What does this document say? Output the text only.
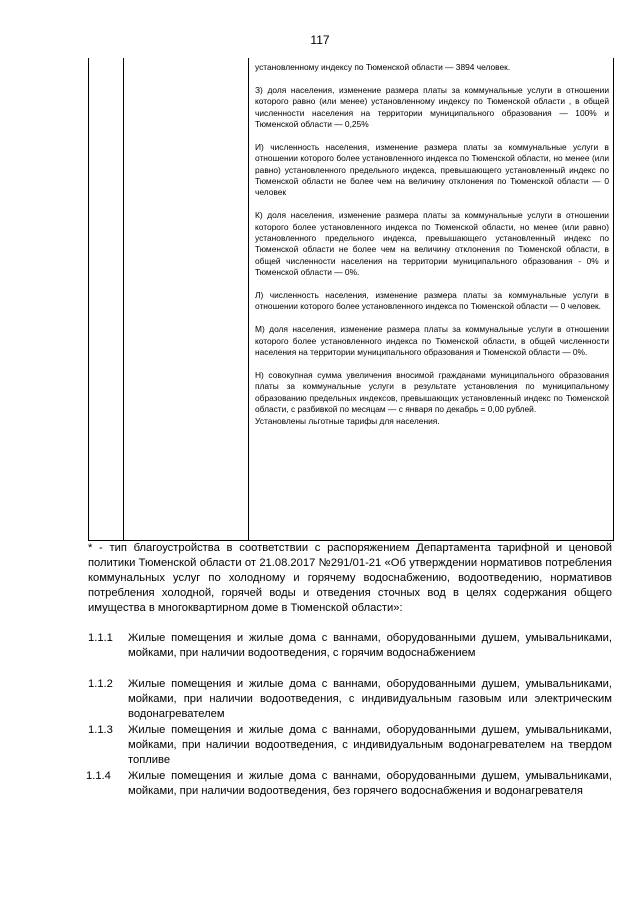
117

установленному индексу по Тюменской области — 3894 человек.

З) доля населения, изменение размера платы за коммунальные услуги в отношении которого равно (или менее) установленному индексу по Тюменской области , в общей численности населения на территории муниципального образования — 100% и Тюменской области — 0,25%

И) численность населения, изменение размера платы за коммунальные услуги в отношении которого более установленного индекса по Тюменской области, но менее (или равно) установленного предельного индекса, превышающего установленный индекс по Тюменской области не более чем на величину отклонения по Тюменской области — 0 человек

К) доля населения, изменение размера платы за коммунальные услуги в отношении которого более установленного индекса по Тюменской области, но менее (или равно) установленного предельного индекса, превышающего установленный индекс по Тюменской области не более чем на величину отклонения по Тюменской области, в общей численности населения на территории муниципального образования - 0% и Тюменской области — 0%.

Л) численность населения, изменение размера платы за коммунальные услуги в отношении которого более установленного индекса по Тюменской области — 0 человек.

М) доля населения, изменение размера платы за коммунальные услуги в отношении которого более установленного индекса по Тюменской области, в общей численности населения на территории муниципального образования и Тюменской области — 0%.

Н) совокупная сумма увеличения вносимой гражданами муниципального образования платы за коммунальные услуги в результате установления по муниципальному образованию предельных индексов, превышающих установленный индекс по Тюменской области, с разбивкой по месяцам — с января по декабрь = 0,00 рублей.

Установлены льготные тарифы для населения.

* - тип благоустройства в соответствии с распоряжением Департамента тарифной и ценовой политики Тюменской области от 21.08.2017 №291/01-21 «Об утверждении нормативов потребления коммунальных услуг по холодному и горячему водоснабжению, водоотведению, нормативов потребления холодной, горячей воды и отведения сточных вод в целях содержания общего имущества в многоквартирном доме в Тюменской области»:
1.1.1 Жилые помещения и жилые дома с ваннами, оборудованными душем, умывальниками, мойками, при наличии водоотведения, с горячим водоснабжением
1.1.2 Жилые помещения и жилые дома с ваннами, оборудованными душем, умывальниками, мойками, при наличии водоотведения, с индивидуальным газовым или электрическим водонагревателем
1.1.3 Жилые помещения и жилые дома с ваннами, оборудованными душем, умывальниками, мойками, при наличии водоотведения, с индивидуальным водонагревателем на твердом топливе
1.1.4 Жилые помещения и жилые дома с ваннами, оборудованными душем, умывальниками, мойками, при наличии водоотведения, без горячего водоснабжения и водонагревателя
